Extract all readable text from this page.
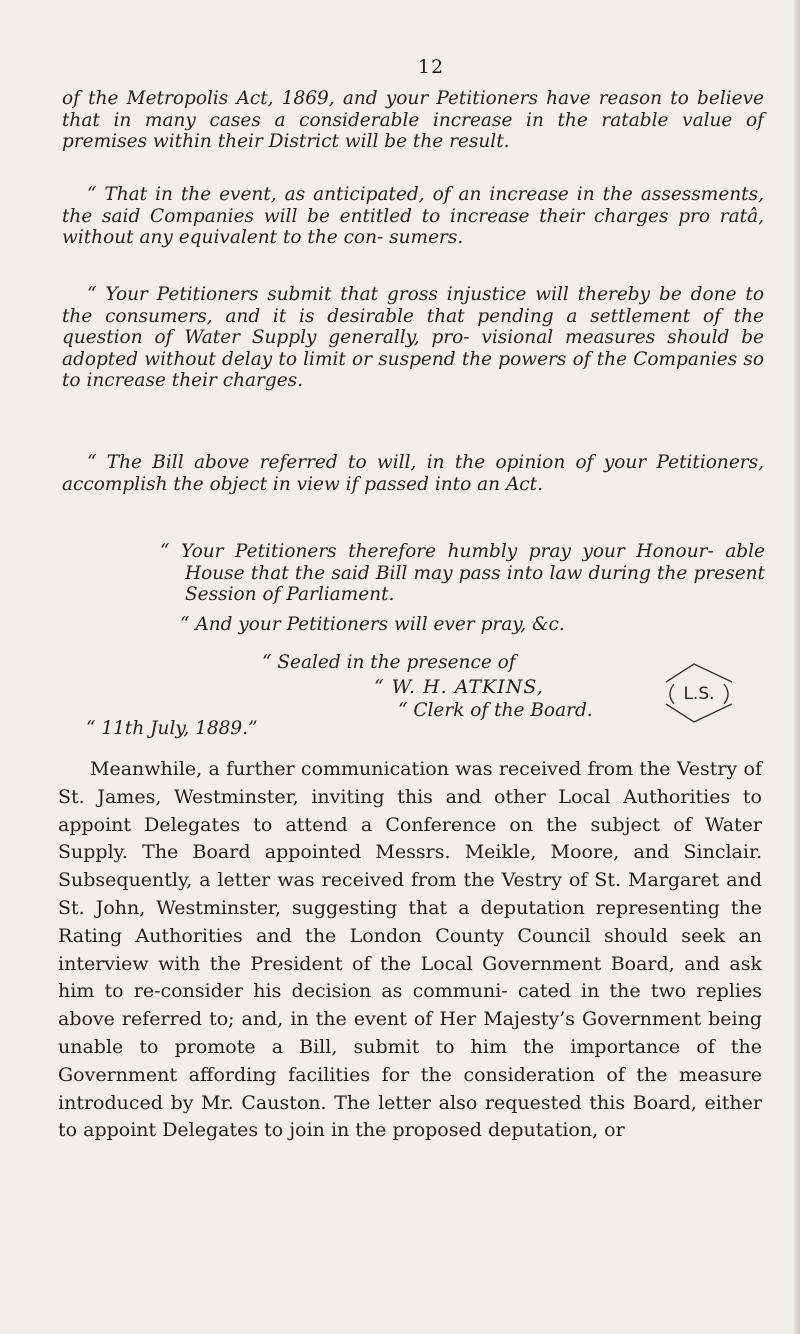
12
of the Metropolis Act, 1869, and your Petitioners have reason to believe that in many cases a considerable increase in the ratable value of premises within their District will be the result.
“ That in the event, as anticipated, of an increase in the assessments, the said Companies will be entitled to increase their charges pro ratâ, without any equivalent to the con- sumers.
“ Your Petitioners submit that gross injustice will thereby be done to the consumers, and it is desirable that pending a settlement of the question of Water Supply generally, pro- visional measures should be adopted without delay to limit or suspend the powers of the Companies so to increase their charges.
“ The Bill above referred to will, in the opinion of your Petitioners, accomplish the object in view if passed into an Act.
“ Your Petitioners therefore humbly pray your Honour- able House that the said Bill may pass into law during the present Session of Parliament.
“ And your Petitioners will ever pray, &c.
“ Sealed in the presence of
“ W. H. ATKINS,
“ Clerk of the Board.
“ 11th July, 1889.”
L.S.

Meanwhile, a further communication was received from the Vestry of St. James, Westminster, inviting this and other Local Authorities to appoint Delegates to attend a Conference on the subject of Water Supply. The Board appointed Messrs. Meikle, Moore, and Sinclair. Subsequently, a letter was received from the Vestry of St. Margaret and St. John, Westminster, suggesting that a deputation representing the Rating Authorities and the London County Council should seek an interview with the President of the Local Government Board, and ask him to re-consider his decision as communi- cated in the two replies above referred to; and, in the event of Her Majesty’s Government being unable to promote a Bill, submit to him the importance of the Government affording facilities for the consideration of the measure introduced by Mr. Causton. The letter also requested this Board, either to appoint Delegates to join in the proposed deputation, or
